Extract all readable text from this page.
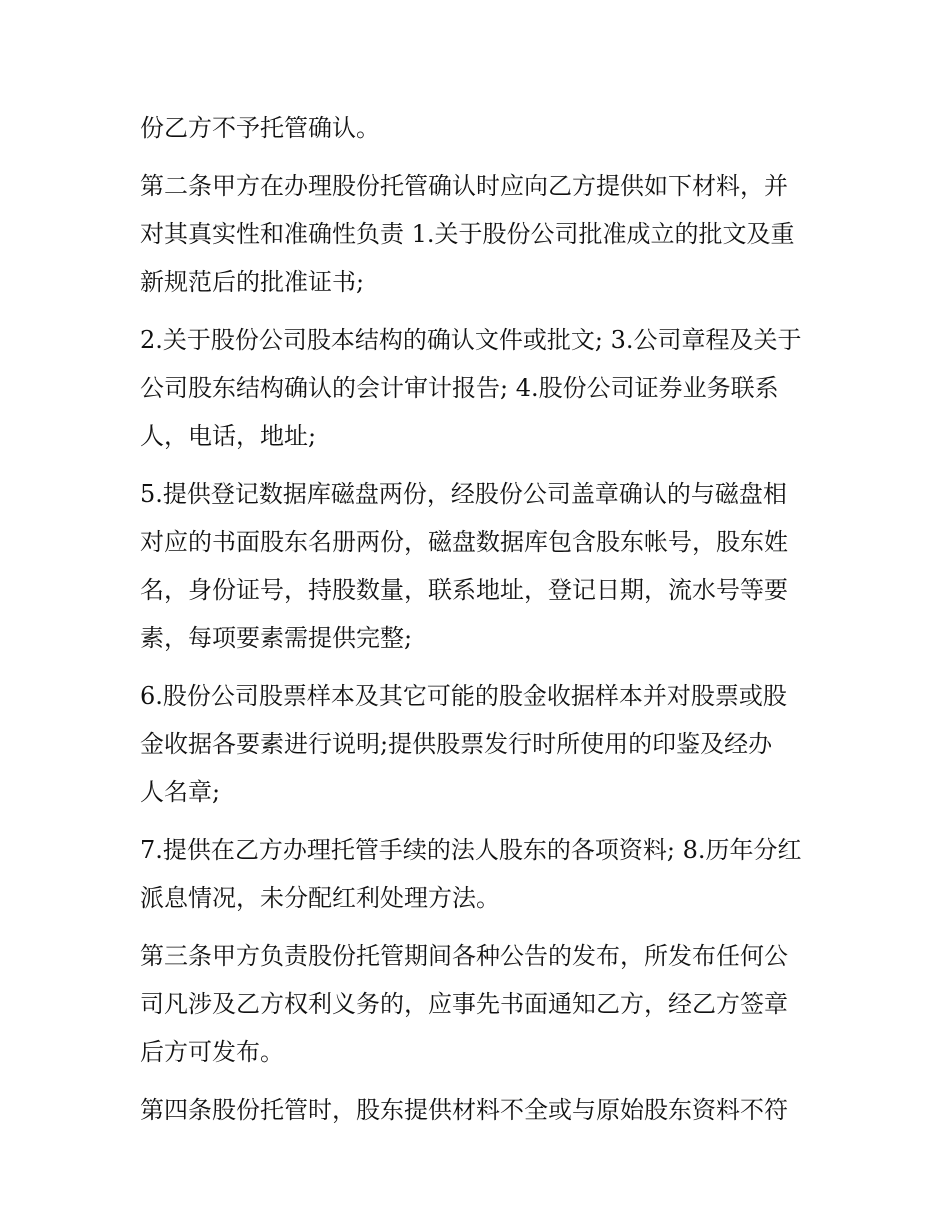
份乙方不予托管确认。

第二条甲方在办理股份托管确认时应向乙方提供如下材料，并
对其真实性和准确性负责 1.关于股份公司批准成立的批文及重
新规范后的批准证书;

2.关于股份公司股本结构的确认文件或批文; 3.公司章程及关于
公司股东结构确认的会计审计报告; 4.股份公司证券业务联系
人，电话，地址;

5.提供登记数据库磁盘两份，经股份公司盖章确认的与磁盘相
对应的书面股东名册两份，磁盘数据库包含股东帐号，股东姓
名，身份证号，持股数量，联系地址，登记日期，流水号等要
素，每项要素需提供完整;

6.股份公司股票样本及其它可能的股金收据样本并对股票或股
金收据各要素进行说明;提供股票发行时所使用的印鉴及经办
人名章;

7.提供在乙方办理托管手续的法人股东的各项资料; 8.历年分红
派息情况，未分配红利处理方法。

第三条甲方负责股份托管期间各种公告的发布，所发布任何公
司凡涉及乙方权利义务的，应事先书面通知乙方，经乙方签章
后方可发布。

第四条股份托管时，股东提供材料不全或与原始股东资料不符
